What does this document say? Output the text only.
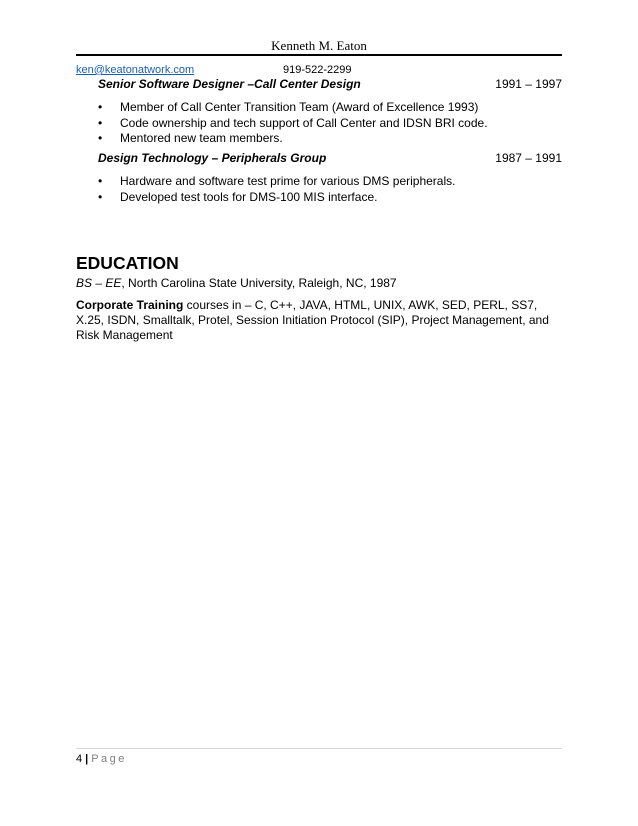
Kenneth M. Eaton
ken@keatonatwork.com	919-522-2299
Senior Software Designer –Call Center Design	1991 – 1997
• Member of Call Center Transition Team (Award of Excellence 1993)
• Code ownership and tech support of Call Center and IDSN BRI code.
• Mentored new team members.
Design Technology – Peripherals Group	1987 – 1991
• Hardware and software test prime for various DMS peripherals.
• Developed test tools for DMS-100 MIS interface.
EDUCATION
BS – EE, North Carolina State University, Raleigh, NC, 1987
Corporate Training courses in – C, C++, JAVA, HTML, UNIX, AWK, SED, PERL, SS7, X.25, ISDN, Smalltalk, Protel, Session Initiation Protocol (SIP), Project Management, and Risk Management
4 | Page
